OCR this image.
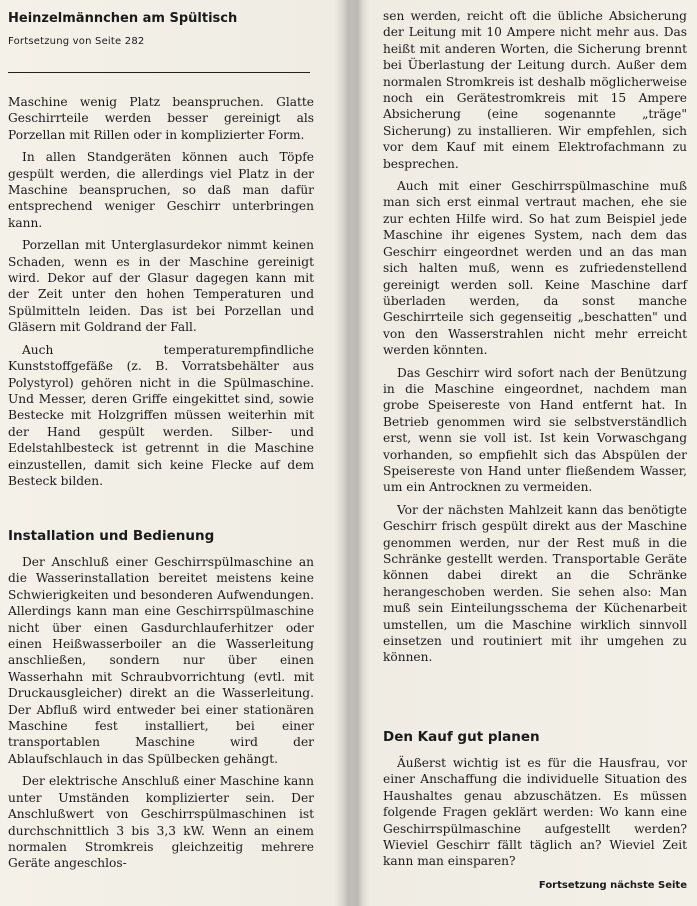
Heinzelmännchen am Spültisch
Fortsetzung von Seite 282

Maschine wenig Platz beanspruchen. Glatte Geschirrteile werden besser gereinigt als Porzellan mit Rillen oder in komplizierter Form.

In allen Standgeräten können auch Töpfe gespült werden, die allerdings viel Platz in der Maschine beanspruchen, so daß man dafür entsprechend weniger Geschirr unterbringen kann.

Porzellan mit Unterglasurdekor nimmt keinen Schaden, wenn es in der Maschine gereinigt wird. Dekor auf der Glasur dagegen kann mit der Zeit unter den hohen Temperaturen und Spülmitteln leiden. Das ist bei Porzellan und Gläsern mit Goldrand der Fall.

Auch temperaturempfindliche Kunststoffgefäße (z. B. Vorratsbehälter aus Polystyrol) gehören nicht in die Spülmaschine. Und Messer, deren Griffe eingekittet sind, sowie Bestecke mit Holzgriffen müssen weiterhin mit der Hand gespült werden. Silber- und Edelstahlbesteck ist getrennt in die Maschine einzustellen, damit sich keine Flecke auf dem Besteck bilden.

Installation und Bedienung

Der Anschluß einer Geschirrspülmaschine an die Wasserinstallation bereitet meistens keine Schwierigkeiten und besonderen Aufwendungen. Allerdings kann man eine Geschirrspülmaschine nicht über einen Gasdurchlauferhitzer oder einen Heißwasserboiler an die Wasserleitung anschließen, sondern nur über einen Wasserhahn mit Schraubvorrichtung (evtl. mit Druckausgleicher) direkt an die Wasserleitung. Der Abfluß wird entweder bei einer stationären Maschine fest installiert, bei einer transportablen Maschine wird der Ablaufschlauch in das Spülbecken gehängt.

Der elektrische Anschluß einer Maschine kann unter Umständen komplizierter sein. Der Anschlußwert von Geschirrspülmaschinen ist durchschnittlich 3 bis 3,3 kW. Wenn an einem normalen Stromkreis gleichzeitig mehrere Geräte angeschlos-

sen werden, reicht oft die übliche Absicherung der Leitung mit 10 Ampere nicht mehr aus. Das heißt mit anderen Worten, die Sicherung brennt bei Überlastung der Leitung durch. Außer dem normalen Stromkreis ist deshalb möglicherweise noch ein Gerätestromkreis mit 15 Ampere Absicherung (eine sogenannte „träge" Sicherung) zu installieren. Wir empfehlen, sich vor dem Kauf mit einem Elektrofachmann zu besprechen.

Auch mit einer Geschirrspülmaschine muß man sich erst einmal vertraut machen, ehe sie zur echten Hilfe wird. So hat zum Beispiel jede Maschine ihr eigenes System, nach dem das Geschirr eingeordnet werden und an das man sich halten muß, wenn es zufriedenstellend gereinigt werden soll. Keine Maschine darf überladen werden, da sonst manche Geschirrteile sich gegenseitig „beschatten" und von den Wasserstrahlen nicht mehr erreicht werden könnten.

Das Geschirr wird sofort nach der Benützung in die Maschine eingeordnet, nachdem man grobe Speisereste von Hand entfernt hat. In Betrieb genommen wird sie selbstverständlich erst, wenn sie voll ist. Ist kein Vorwaschgang vorhanden, so empfiehlt sich das Abspülen der Speisereste von Hand unter fließendem Wasser, um ein Antrocknen zu vermeiden.

Vor der nächsten Mahlzeit kann das benötigte Geschirr frisch gespült direkt aus der Maschine genommen werden, nur der Rest muß in die Schränke gestellt werden. Transportable Geräte können dabei direkt an die Schränke herangeschoben werden. Sie sehen also: Man muß sein Einteilungsschema der Küchenarbeit umstellen, um die Maschine wirklich sinnvoll einsetzen und routiniert mit ihr umgehen zu können.

Den Kauf gut planen

Äußerst wichtig ist es für die Hausfrau, vor einer Anschaffung die individuelle Situation des Haushaltes genau abzuschätzen. Es müssen folgende Fragen geklärt werden: Wo kann eine Geschirrspülmaschine aufgestellt werden? Wieviel Geschirr fällt täglich an? Wieviel Zeit kann man einsparen?

Fortsetzung nächste Seite
